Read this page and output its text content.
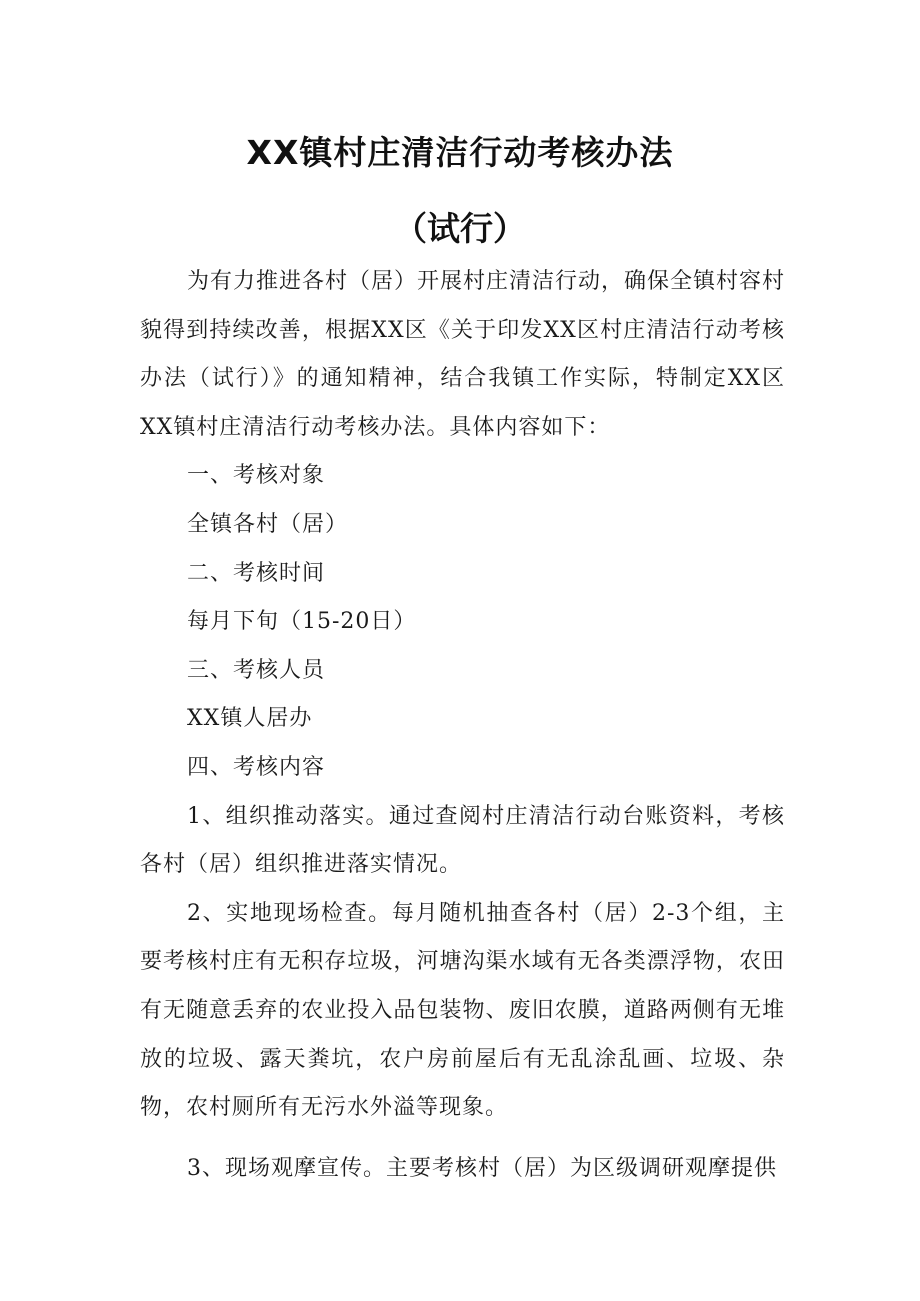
XX镇村庄清洁行动考核办法
（试行）

为有力推进各村（居）开展村庄清洁行动，确保全镇村容村貌得到持续改善，根据XX区《关于印发XX区村庄清洁行动考核办法（试行）》的通知精神，结合我镇工作实际，特制定XX区XX镇村庄清洁行动考核办法。具体内容如下：

一、考核对象

全镇各村（居）

二、考核时间

每月下旬（15-20日）

三、考核人员

XX镇人居办

四、考核内容

1、组织推动落实。通过查阅村庄清洁行动台账资料，考核各村（居）组织推进落实情况。

2、实地现场检查。每月随机抽查各村（居）2-3个组，主要考核村庄有无积存垃圾，河塘沟渠水域有无各类漂浮物，农田有无随意丢弃的农业投入品包装物、废旧农膜，道路两侧有无堆放的垃圾、露天粪坑，农户房前屋后有无乱涂乱画、垃圾、杂物，农村厕所有无污水外溢等现象。

3、现场观摩宣传。主要考核村（居）为区级调研观摩提供
